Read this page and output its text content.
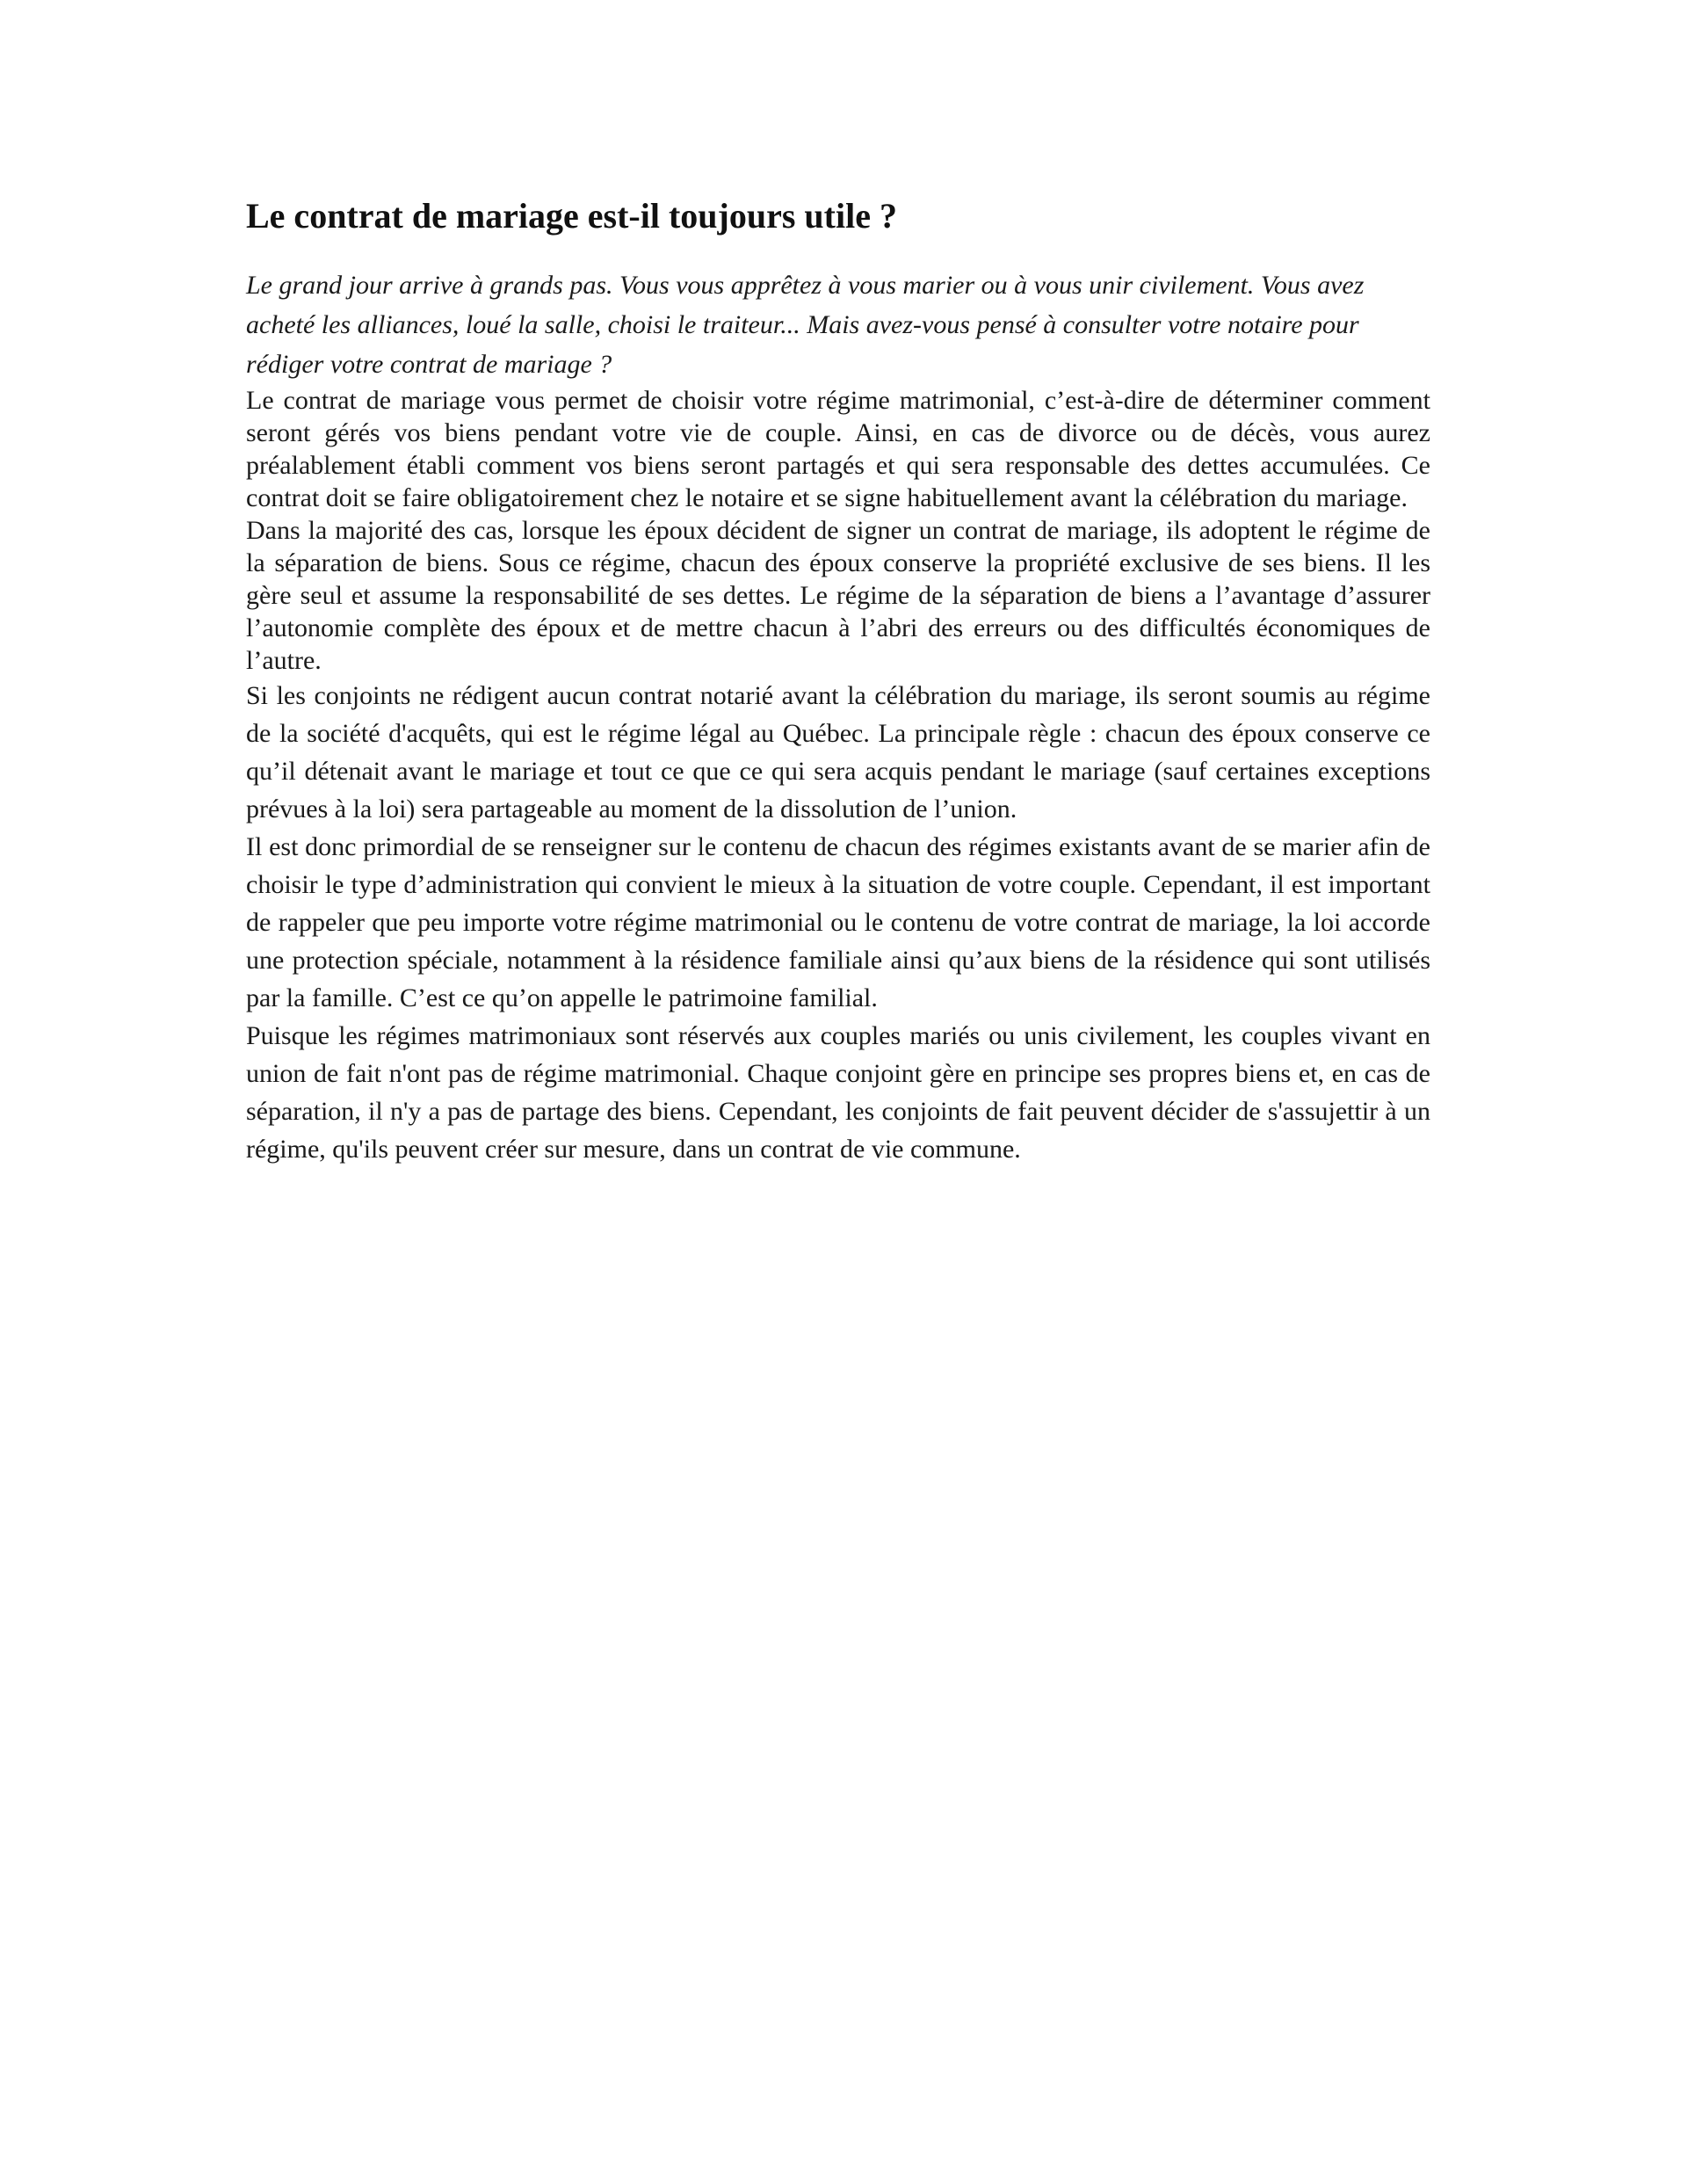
Le contrat de mariage est-il toujours utile ?

Le grand jour arrive à grands pas. Vous vous apprêtez à vous marier ou à vous unir civilement. Vous avez acheté les alliances, loué la salle, choisi le traiteur... Mais avez-vous pensé à consulter votre notaire pour rédiger votre contrat de mariage ?

Le contrat de mariage vous permet de choisir votre régime matrimonial, c’est-à-dire de déterminer comment seront gérés vos biens pendant votre vie de couple. Ainsi, en cas de divorce ou de décès, vous aurez préalablement établi comment vos biens seront partagés et qui sera responsable des dettes accumulées. Ce contrat doit se faire obligatoirement chez le notaire et se signe habituellement avant la célébration du mariage.

Dans la majorité des cas, lorsque les époux décident de signer un contrat de mariage, ils adoptent le régime de la séparation de biens. Sous ce régime, chacun des époux conserve la propriété exclusive de ses biens. Il les gère seul et assume la responsabilité de ses dettes. Le régime de la séparation de biens a l’avantage d’assurer l’autonomie complète des époux et de mettre chacun à l’abri des erreurs ou des difficultés économiques de l’autre.

Si les conjoints ne rédigent aucun contrat notarié avant la célébration du mariage, ils seront soumis au régime de la société d'acquêts, qui est le régime légal au Québec. La principale règle : chacun des époux conserve ce qu’il détenait avant le mariage et tout ce que ce qui sera acquis pendant le mariage (sauf certaines exceptions prévues à la loi) sera partageable au moment de la dissolution de l’union.

Il est donc primordial de se renseigner sur le contenu de chacun des régimes existants avant de se marier afin de choisir le type d’administration qui convient le mieux à la situation de votre couple. Cependant, il est important de rappeler que peu importe votre régime matrimonial ou le contenu de votre contrat de mariage, la loi accorde une protection spéciale, notamment à la résidence familiale ainsi qu’aux biens de la résidence qui sont utilisés par la famille. C’est ce qu’on appelle le patrimoine familial.

Puisque les régimes matrimoniaux sont réservés aux couples mariés ou unis civilement, les couples vivant en union de fait n'ont pas de régime matrimonial. Chaque conjoint gère en principe ses propres biens et, en cas de séparation, il n'y a pas de partage des biens. Cependant, les conjoints de fait peuvent décider de s'assujettir à un régime, qu'ils peuvent créer sur mesure, dans un contrat de vie commune.
